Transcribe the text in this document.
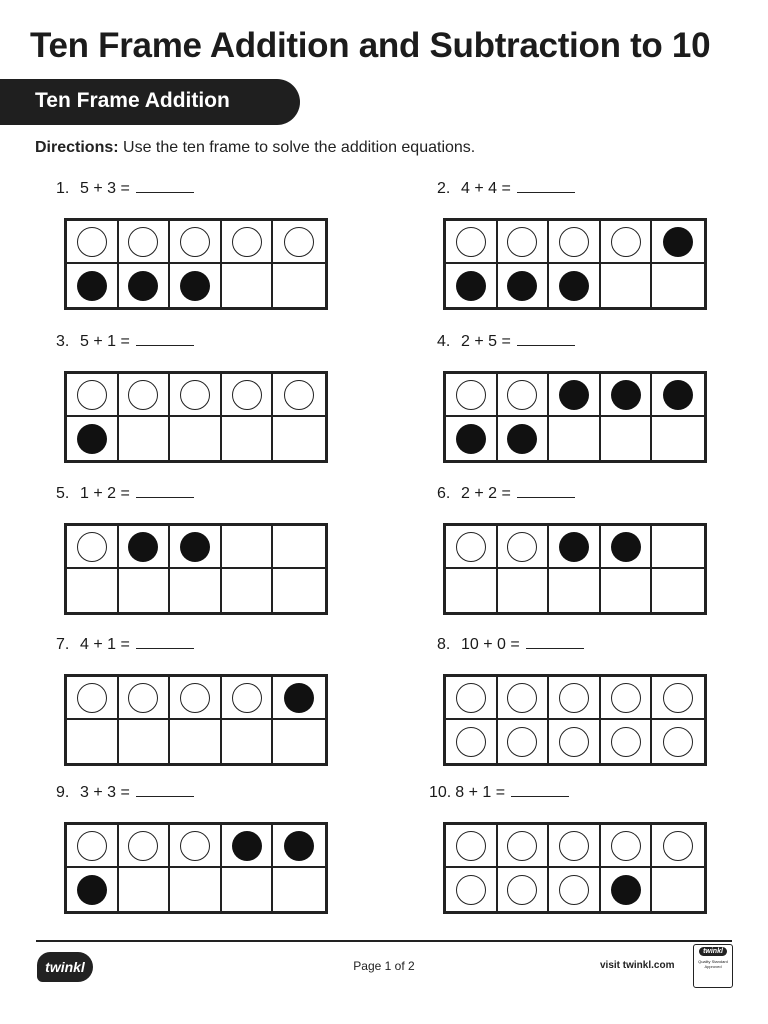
Ten Frame Addition and Subtraction to 10
Ten Frame Addition
Directions: Use the ten frame to solve the addition equations.
1. 5 + 3 =	2. 4 + 4 =
3. 5 + 1 =	4. 2 + 5 =
5. 1 + 2 =	6. 2 + 2 =
7. 4 + 1 =	8. 10 + 0 =
9. 3 + 3 =	10. 8 + 1 =
twinkl	Page 1 of 2	visit twinkl.com
twinkl
Quality Standard Approved
